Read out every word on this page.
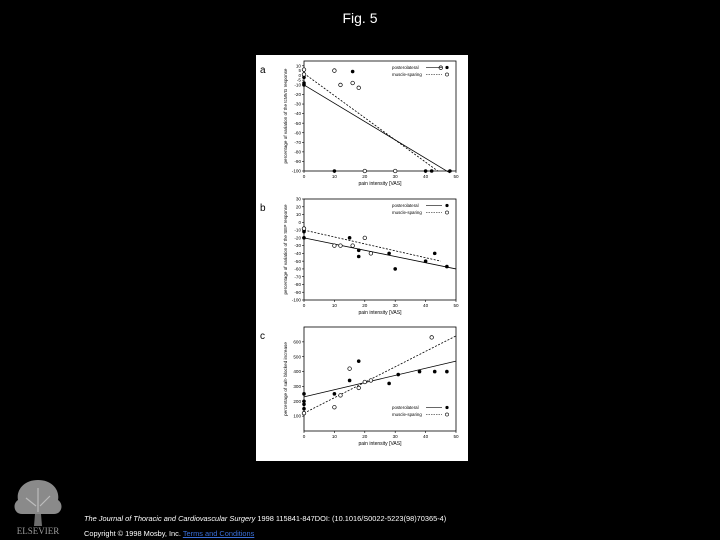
Fig. 5
a	10
5
0
-5
-10
-20
-30
-40
-50
-60
-70
-80
-90
-100
0	10	20	30	40	50
pain intensity [VAS]
percentage of variation of the tcMVG response
posterolateral
muscle-sparing
b
30
20
10
0
-10
-20
-30
-40
-50
-60
-70
-80
-90
-100
0	10	20	30	40	50
pain intensity [VAS]
percentage of variation of the SEP response	posterolateral
muscle-sparing
c	600
500
400
300
200
100
0	10	20	30	40	50
pain intensity [VAS]
percentage of salt- blocked increase	posterolateral
muscle-sparing
ELSEVIER
The Journal of Thoracic and Cardiovascular Surgery 1998 115841-847DOI: (10.1016/S0022-5223(98)70365-4)
Copyright © 1998 Mosby, Inc. Terms and Conditions
